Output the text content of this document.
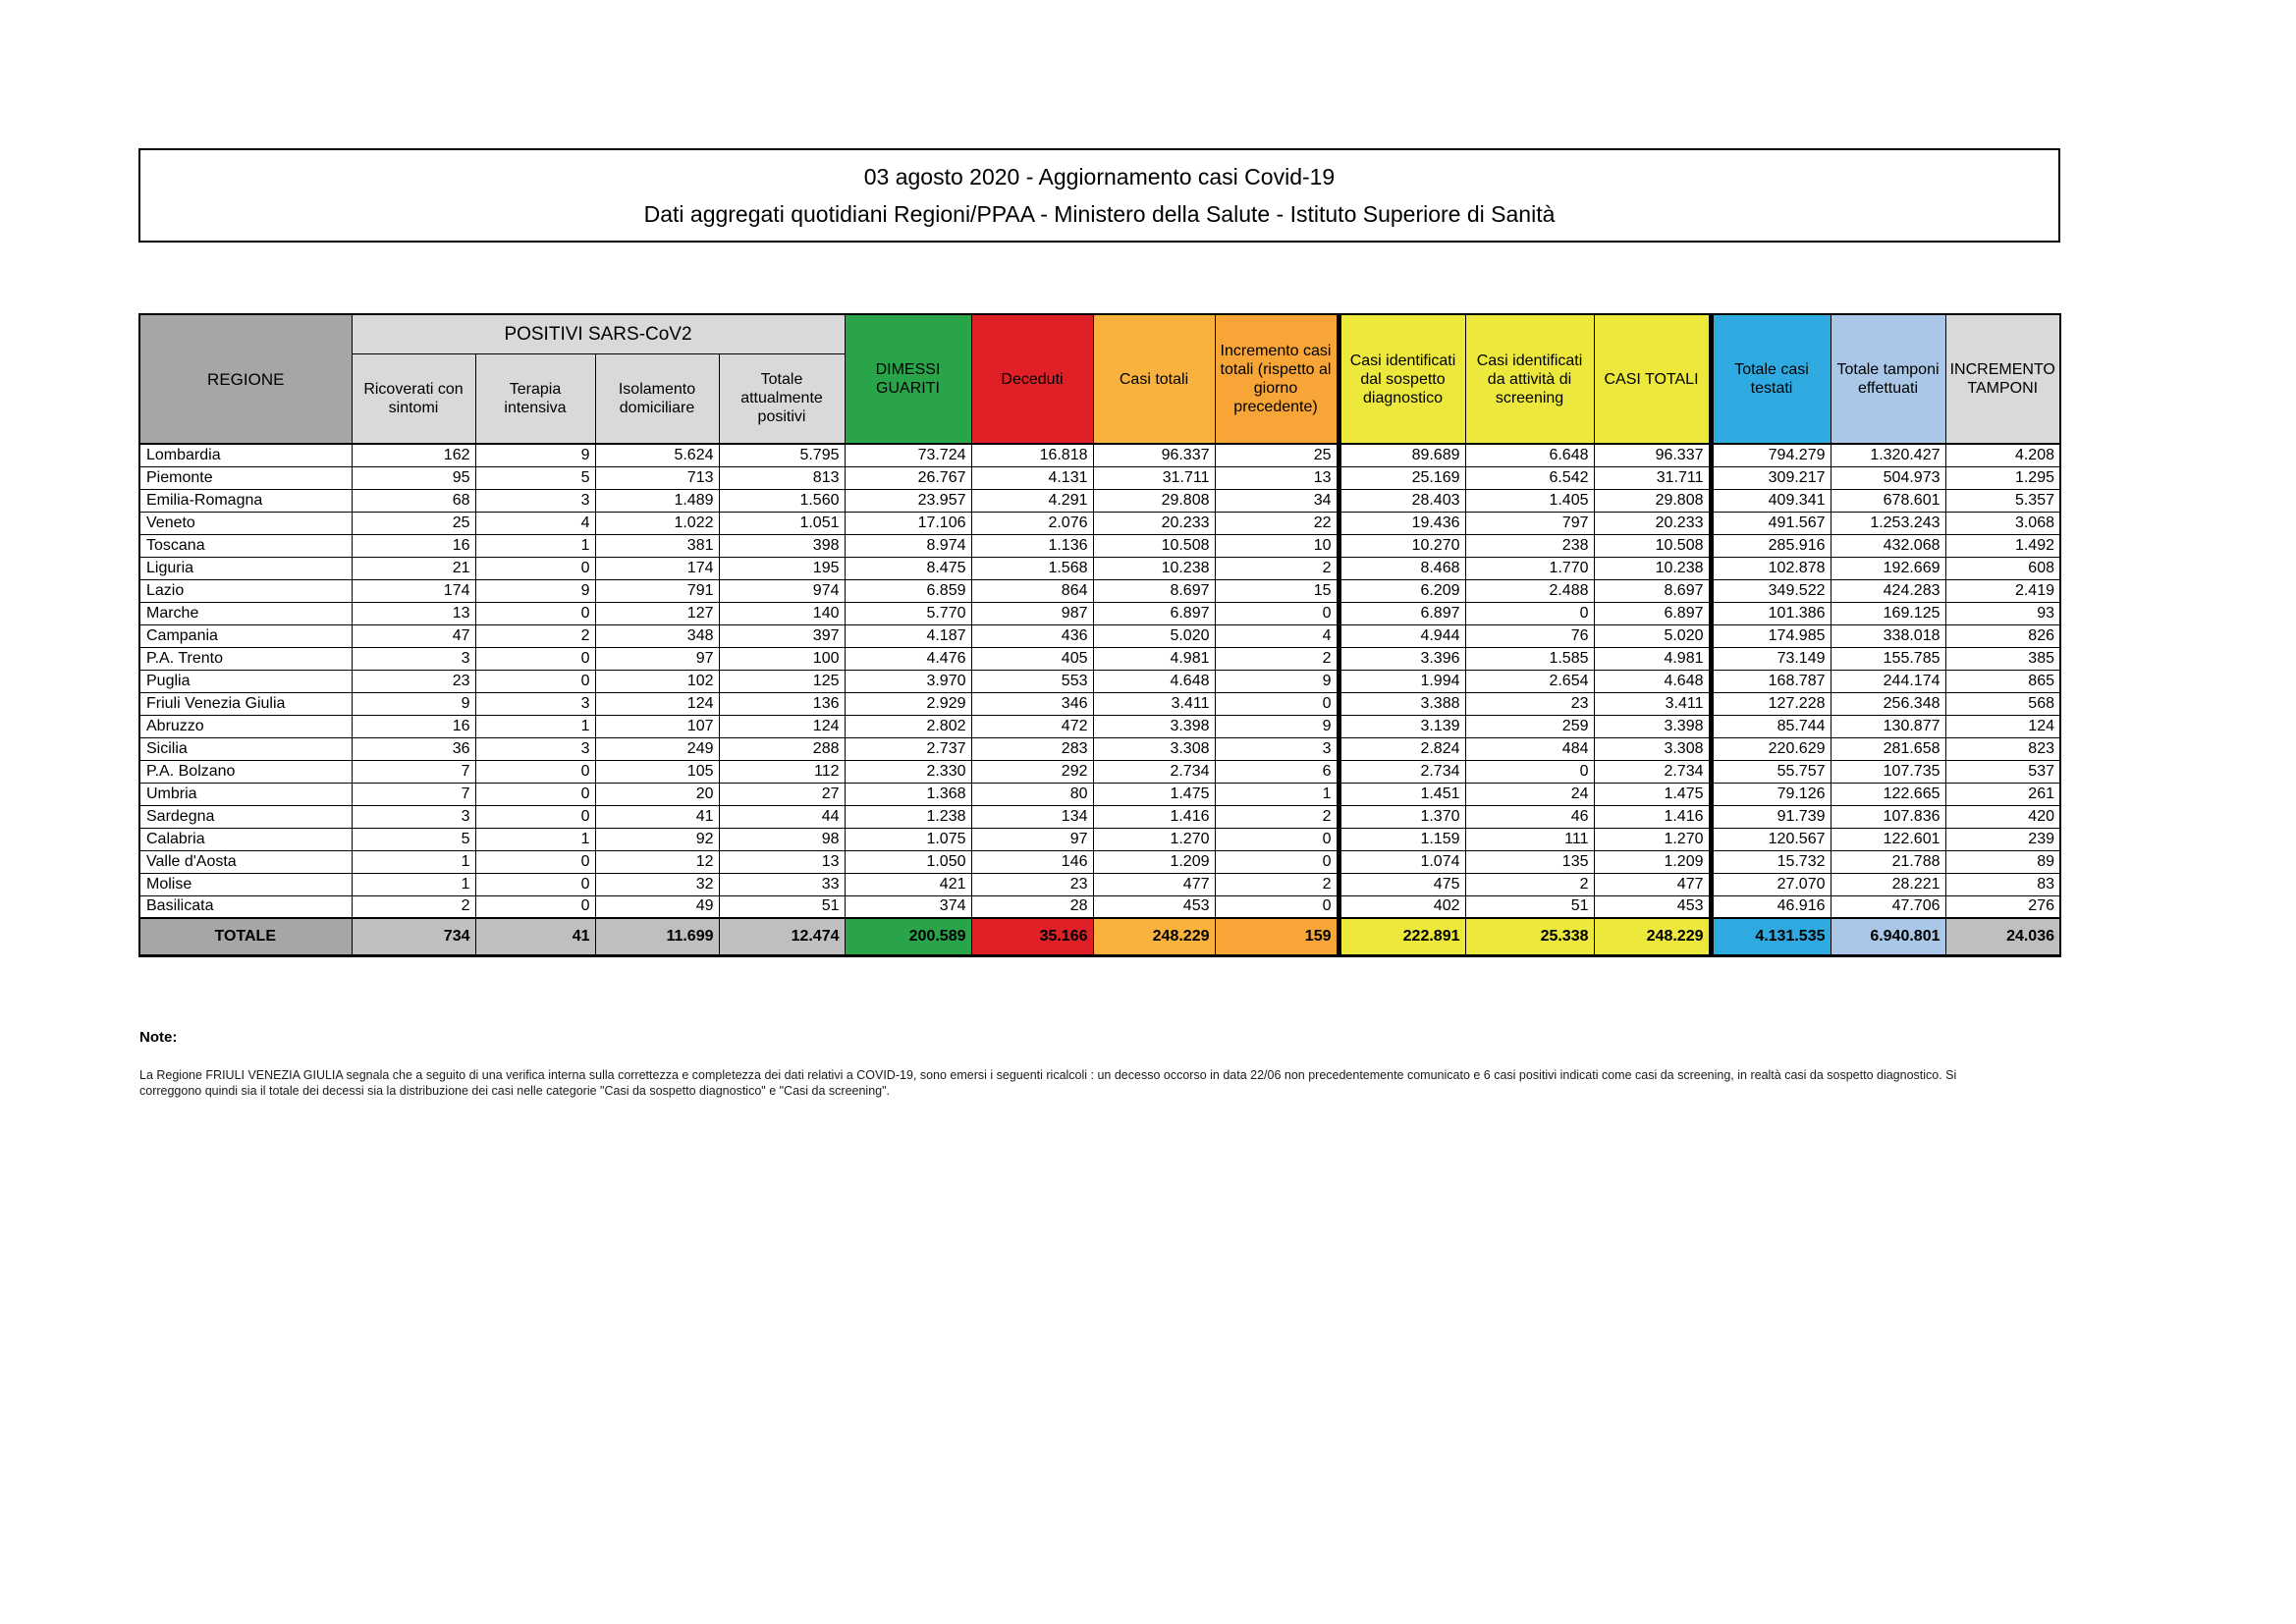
03 agosto 2020 - Aggiornamento casi Covid-19
Dati aggregati quotidiani Regioni/PPAA - Ministero della Salute - Istituto Superiore di Sanità
REGIONE	POSITIVI SARS-CoV2				DIMESSI GUARITI	Deceduti	Casi totali	Incremento casi totali (rispetto al giorno precedente)	Casi identificati dal sospetto diagnostico	Casi identificati da attività di screening	CASI TOTALI	Totale casi testati	Totale tamponi effettuati	INCREMENTO TAMPONI
	Ricoverati con sintomi	Terapia intensiva	Isolamento domiciliare	Totale attualmente positivi										
Lombardia	162	9	5.624	5.795	73.724	16.818	96.337	25	89.689	6.648	96.337	794.279	1.320.427	4.208
Piemonte	95	5	713	813	26.767	4.131	31.711	13	25.169	6.542	31.711	309.217	504.973	1.295
Emilia-Romagna	68	3	1.489	1.560	23.957	4.291	29.808	34	28.403	1.405	29.808	409.341	678.601	5.357
Veneto	25	4	1.022	1.051	17.106	2.076	20.233	22	19.436	797	20.233	491.567	1.253.243	3.068
Toscana	16	1	381	398	8.974	1.136	10.508	10	10.270	238	10.508	285.916	432.068	1.492
Liguria	21	0	174	195	8.475	1.568	10.238	2	8.468	1.770	10.238	102.878	192.669	608
Lazio	174	9	791	974	6.859	864	8.697	15	6.209	2.488	8.697	349.522	424.283	2.419
Marche	13	0	127	140	5.770	987	6.897	0	6.897	0	6.897	101.386	169.125	93
Campania	47	2	348	397	4.187	436	5.020	4	4.944	76	5.020	174.985	338.018	826
P.A. Trento	3	0	97	100	4.476	405	4.981	2	3.396	1.585	4.981	73.149	155.785	385
Puglia	23	0	102	125	3.970	553	4.648	9	1.994	2.654	4.648	168.787	244.174	865
Friuli Venezia Giulia	9	3	124	136	2.929	346	3.411	0	3.388	23	3.411	127.228	256.348	568
Abruzzo	16	1	107	124	2.802	472	3.398	9	3.139	259	3.398	85.744	130.877	124
Sicilia	36	3	249	288	2.737	283	3.308	3	2.824	484	3.308	220.629	281.658	823
P.A. Bolzano	7	0	105	112	2.330	292	2.734	6	2.734	0	2.734	55.757	107.735	537
Umbria	7	0	20	27	1.368	80	1.475	1	1.451	24	1.475	79.126	122.665	261
Sardegna	3	0	41	44	1.238	134	1.416	2	1.370	46	1.416	91.739	107.836	420
Calabria	5	1	92	98	1.075	97	1.270	0	1.159	111	1.270	120.567	122.601	239
Valle d'Aosta	1	0	12	13	1.050	146	1.209	0	1.074	135	1.209	15.732	21.788	89
Molise	1	0	32	33	421	23	477	2	475	2	477	27.070	28.221	83
Basilicata	2	0	49	51	374	28	453	0	402	51	453	46.916	47.706	276
TOTALE	734	41	11.699	12.474	200.589	35.166	248.229	159	222.891	25.338	248.229	4.131.535	6.940.801	24.036
Note:
La Regione FRIULI VENEZIA GIULIA segnala che a seguito di una verifica interna sulla correttezza e completezza dei dati relativi a COVID-19, sono emersi i seguenti ricalcoli : un decesso occorso in data 22/06 non precedentemente comunicato e 6 casi positivi indicati come casi da screening, in realtà casi da sospetto diagnostico. Si correggono quindi sia il totale dei decessi sia la distribuzione dei casi nelle categorie "Casi da sospetto diagnostico" e "Casi da screening".
